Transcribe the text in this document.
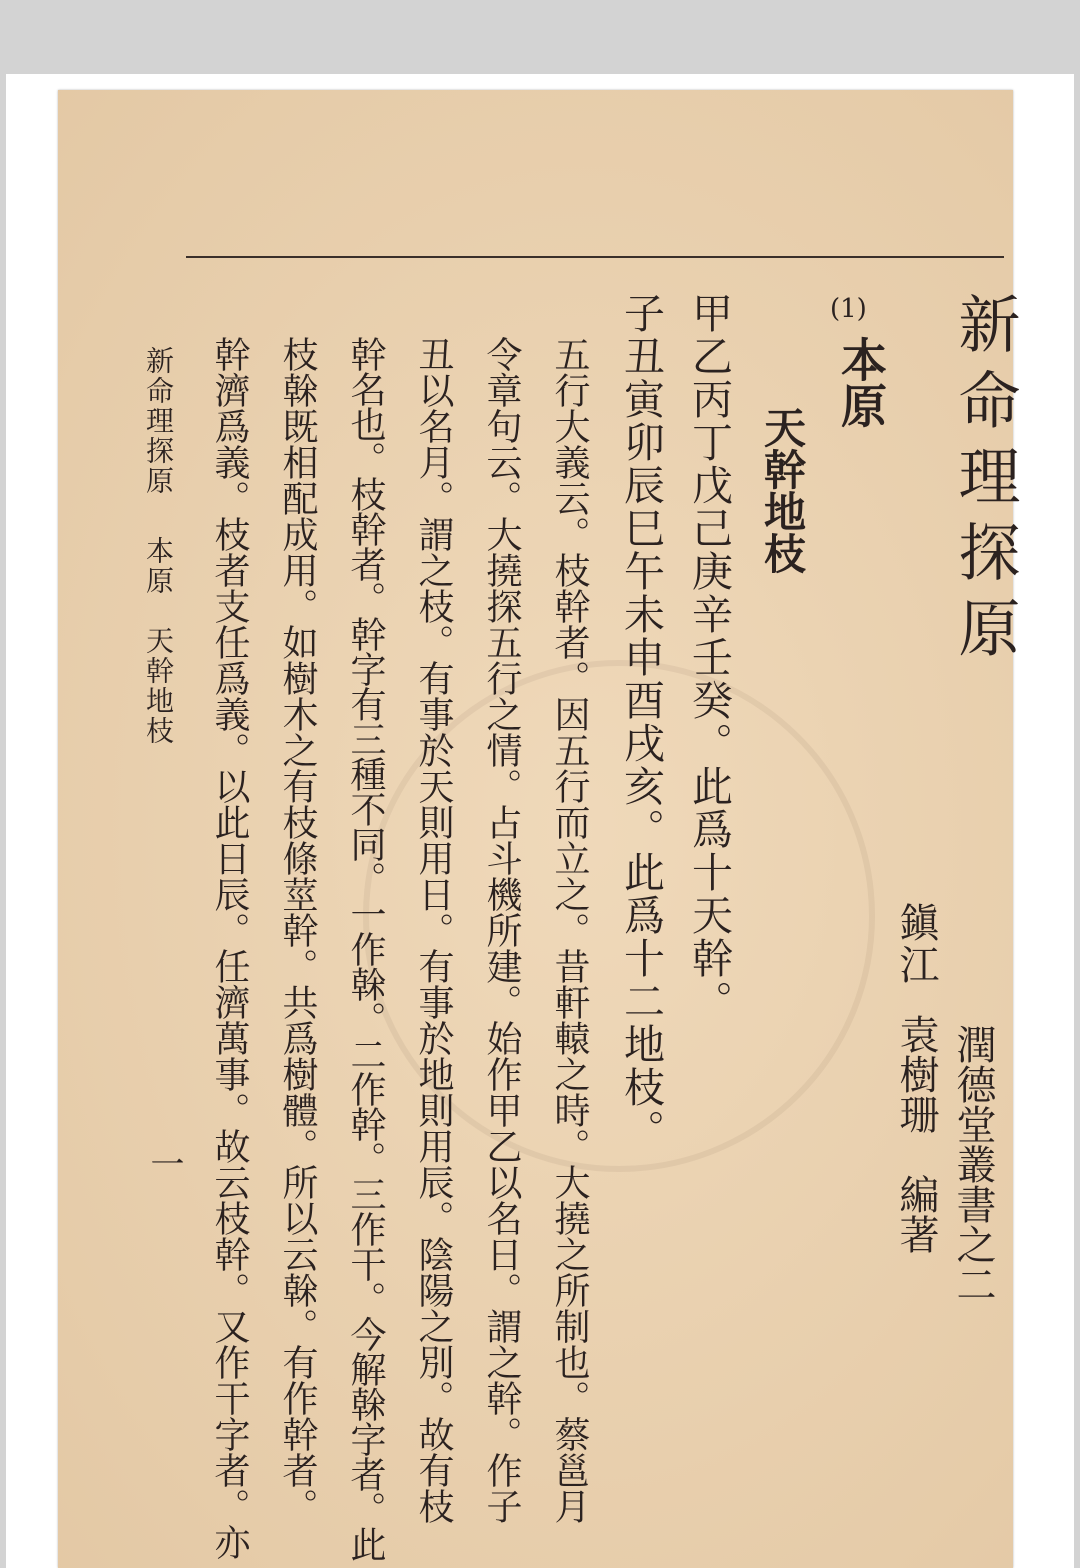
新命理探原
潤德堂叢書之二
鎭江
袁樹珊　編著
(1)
本原
天幹地枝
甲乙丙丁戊己庚辛壬癸。此爲十天幹。
子丑寅卯辰巳午未申酉戌亥。此爲十二地枝。
五行大義云。枝幹者。因五行而立之。昔軒轅之時。大撓之所制也。蔡邕月
令章句云。大撓探五行之情。占斗機所建。始作甲乙以名日。謂之幹。作子
丑以名月。謂之枝。有事於天則用日。有事於地則用辰。陰陽之別。故有枝
幹名也。枝幹者。幹字有三種不同。一作榦。二作幹。三作干。今解榦字者。此
枝榦既相配成用。如樹木之有枝條莖幹。共爲樹體。所以云榦。有作幹者。
幹濟爲義。枝者支任爲義。以此日辰。任濟萬事。故云枝幹。又作干字者。亦
新命理探原
本原　天幹地枝
一
